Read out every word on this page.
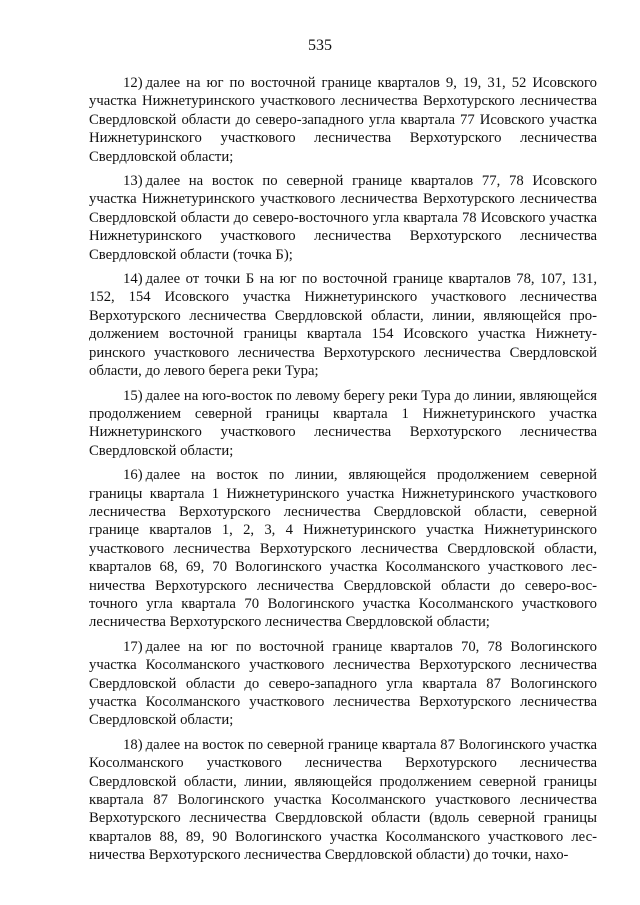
535

12) далее на юг по восточной границе кварталов 9, 19, 31, 52 Исовского участка Нижнетуринского участкового лесничества Верхотурского лесничества Свердловской области до северо-западного угла квартала 77 Исовского участка Нижнетуринского участкового лесничества Верхотурского лесничества Свердловской области;

13) далее на восток по северной границе кварталов 77, 78 Исовского участка Нижнетуринского участкового лесничества Верхотурского лесничества Свердловской области до северо-восточного угла квартала 78 Исовского участка Нижнетуринского участкового лесничества Верхотурского лесничества Свердловской области (точка Б);

14) далее от точки Б на юг по восточной границе кварталов 78, 107, 131, 152, 154 Исовского участка Нижнетуринского участкового лесничества Верхотурского лесничества Свердловской области, линии, являющейся продолжением восточной границы квартала 154 Исовского участка Нижнетуринского участкового лесничества Верхотурского лесничества Свердловской области, до левого берега реки Тура;

15) далее на юго-восток по левому берегу реки Тура до линии, являющейся продолжением северной границы квартала 1 Нижнетуринского участка Нижнетуринского участкового лесничества Верхотурского лесничества Свердловской области;

16) далее на восток по линии, являющейся продолжением северной границы квартала 1 Нижнетуринского участка Нижнетуринского участкового лесничества Верхотурского лесничества Свердловской области, северной границе кварталов 1, 2, 3, 4 Нижнетуринского участка Нижнетуринского участкового лесничества Верхотурского лесничества Свердловской области, кварталов 68, 69, 70 Вологинского участка Косолманского участкового лесничества Верхотурского лесничества Свердловской области до северо-восточного угла квартала 70 Вологинского участка Косолманского участкового лесничества Верхотурского лесничества Свердловской области;

17) далее на юг по восточной границе кварталов 70, 78 Вологинского участка Косолманского участкового лесничества Верхотурского лесничества Свердловской области до северо-западного угла квартала 87 Вологинского участка Косолманского участкового лесничества Верхотурского лесничества Свердловской области;

18) далее на восток по северной границе квартала 87 Вологинского участка Косолманского участкового лесничества Верхотурского лесничества Свердловской области, линии, являющейся продолжением северной границы квартала 87 Вологинского участка Косолманского участкового лесничества Верхотурского лесничества Свердловской области (вдоль северной границы кварталов 88, 89, 90 Вологинского участка Косолманского участкового лесничества Верхотурского лесничества Свердловской области) до точки, нахо-
